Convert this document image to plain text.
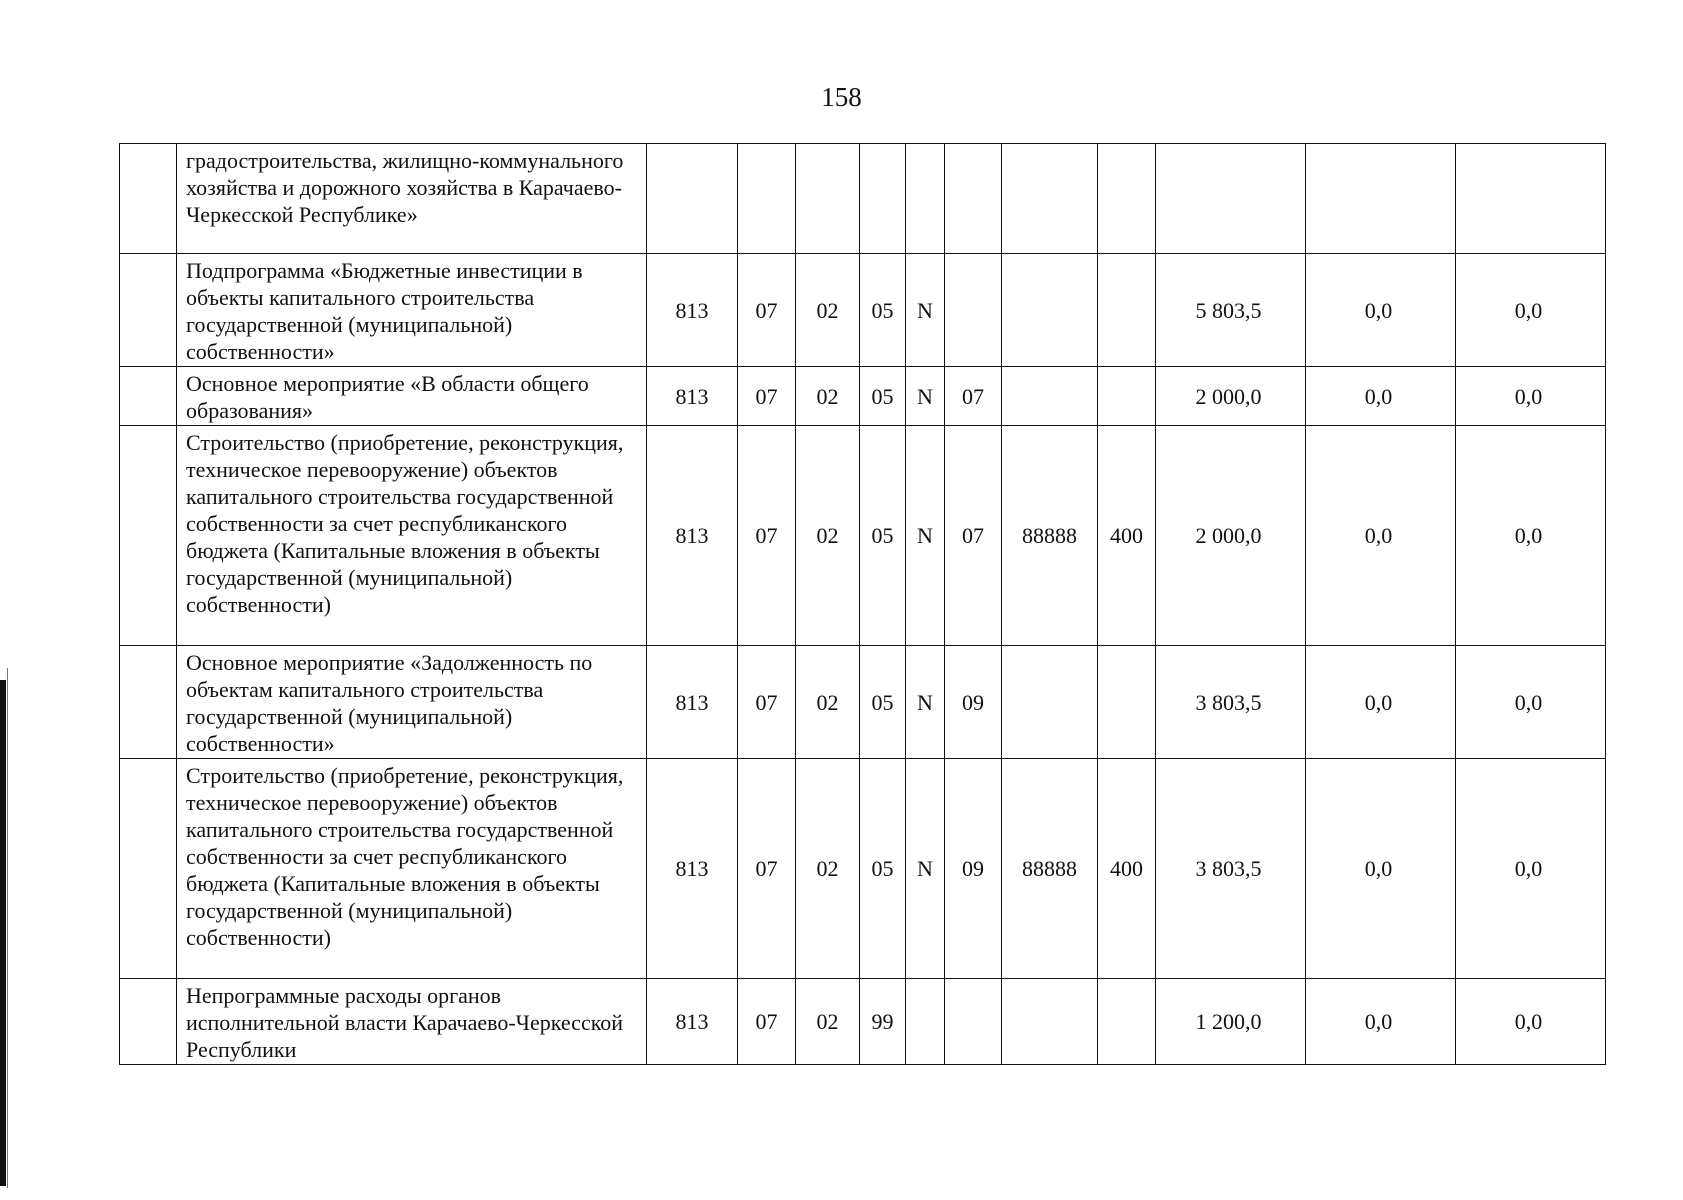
158
	градостроительства, жилищно-коммунального хозяйства и дорожного хозяйства в Карачаево-Черкесской Республике»											
	Подпрограмма «Бюджетные инвестиции в объекты капитального строительства государственной (муниципальной) собственности»	813	07	02	05	N				5 803,5	0,0	0,0
	Основное мероприятие «В области общего образования»	813	07	02	05	N	07			2 000,0	0,0	0,0
	Строительство (приобретение, реконструкция, техническое перевооружение) объектов капитального строительства государственной собственности за счет республиканского бюджета (Капитальные вложения в объекты государственной (муниципальной) собственности)	813	07	02	05	N	07	88888	400	2 000,0	0,0	0,0
	Основное мероприятие «Задолженность по объектам капитального строительства государственной (муниципальной) собственности»	813	07	02	05	N	09			3 803,5	0,0	0,0
	Строительство (приобретение, реконструкция, техническое перевооружение) объектов капитального строительства государственной собственности за счет республиканского бюджета (Капитальные вложения в объекты государственной (муниципальной) собственности)	813	07	02	05	N	09	88888	400	3 803,5	0,0	0,0
	Непрограммные расходы органов исполнительной власти Карачаево-Черкесской Республики	813	07	02	99					1 200,0	0,0	0,0
